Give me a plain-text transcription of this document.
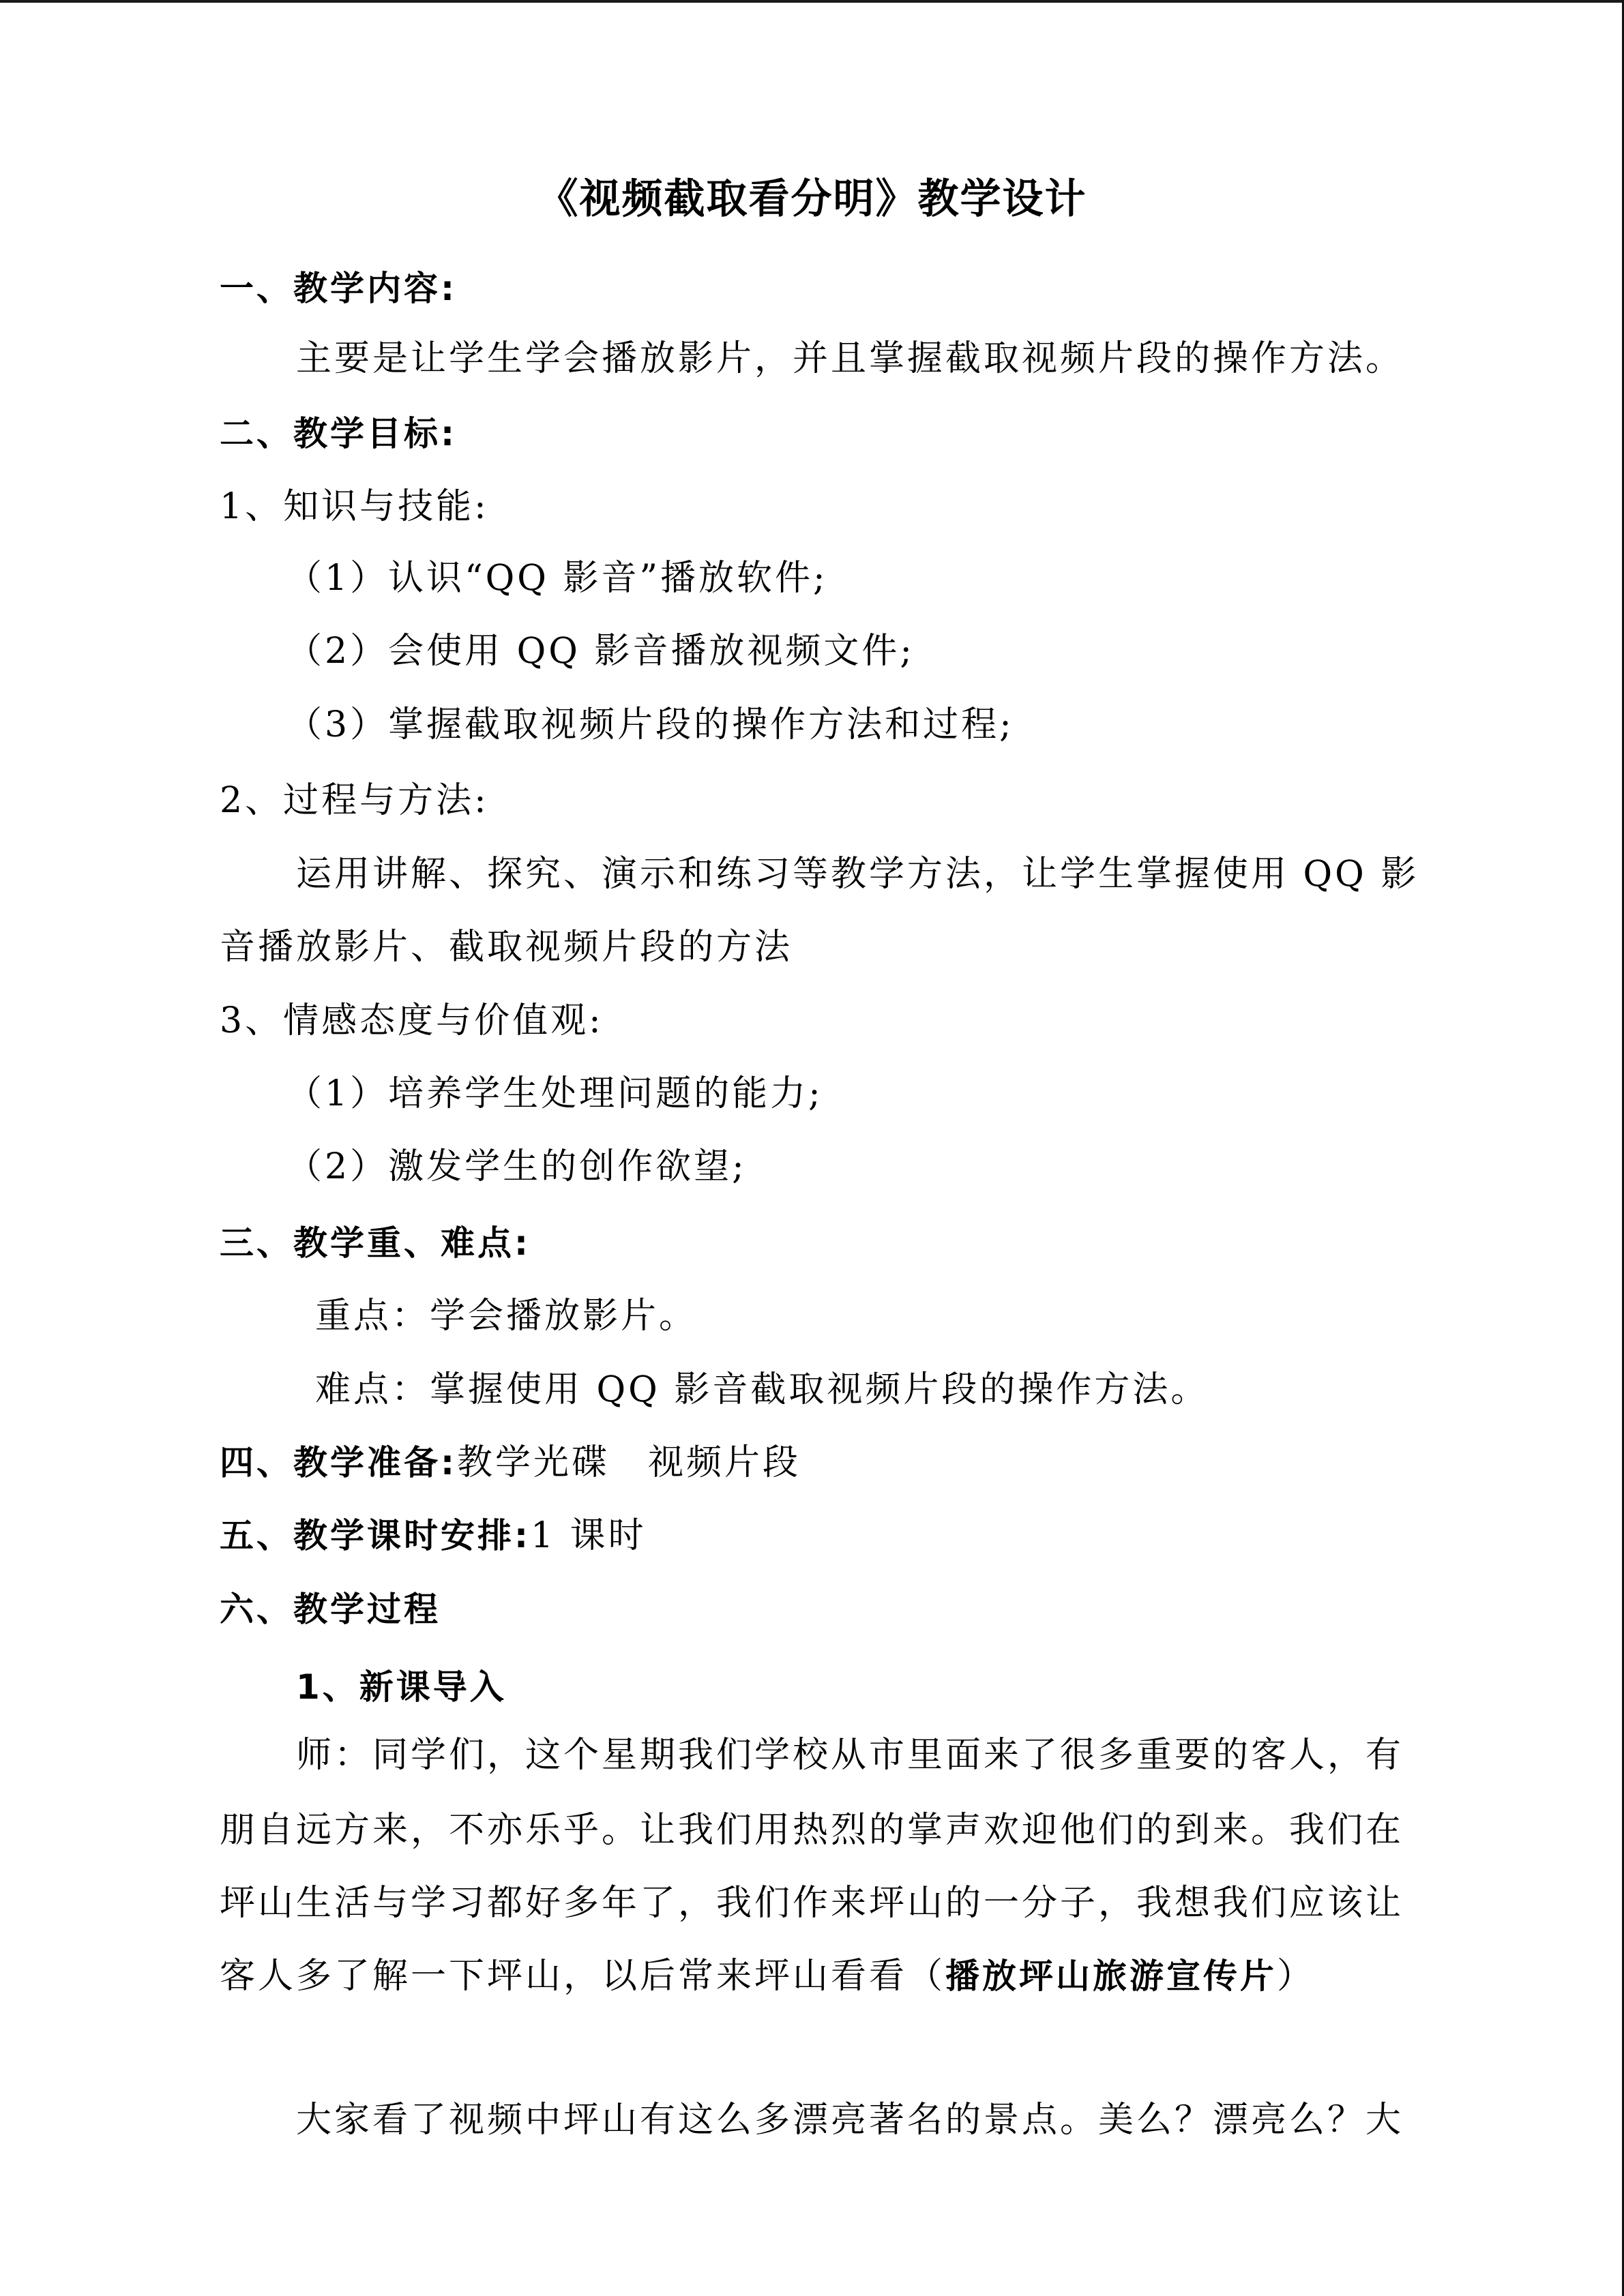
《视频截取看分明》教学设计
一、教学内容:
主要是让学生学会播放影片，并且掌握截取视频片段的操作方法。
二、教学目标:
1、知识与技能:
（1）认识“QQ 影音”播放软件;
（2）会使用 QQ 影音播放视频文件;
（3）掌握截取视频片段的操作方法和过程;
2、过程与方法:
运用讲解、探究、演示和练习等教学方法，让学生掌握使用 QQ 影
音播放影片、截取视频片段的方法
3、情感态度与价值观:
（1）培养学生处理问题的能力;
（2）激发学生的创作欲望;
三、教学重、难点:
重点：学会播放影片。
难点：掌握使用 QQ 影音截取视频片段的操作方法。
四、教学准备:教学光碟　视频片段
五、教学课时安排:1 课时
六、教学过程
1、新课导入
师：同学们，这个星期我们学校从市里面来了很多重要的客人，有
朋自远方来，不亦乐乎。让我们用热烈的掌声欢迎他们的到来。我们在
坪山生活与学习都好多年了，我们作来坪山的一分子，我想我们应该让
客人多了解一下坪山，以后常来坪山看看（播放坪山旅游宣传片）
大家看了视频中坪山有这么多漂亮著名的景点。美么？漂亮么？大
